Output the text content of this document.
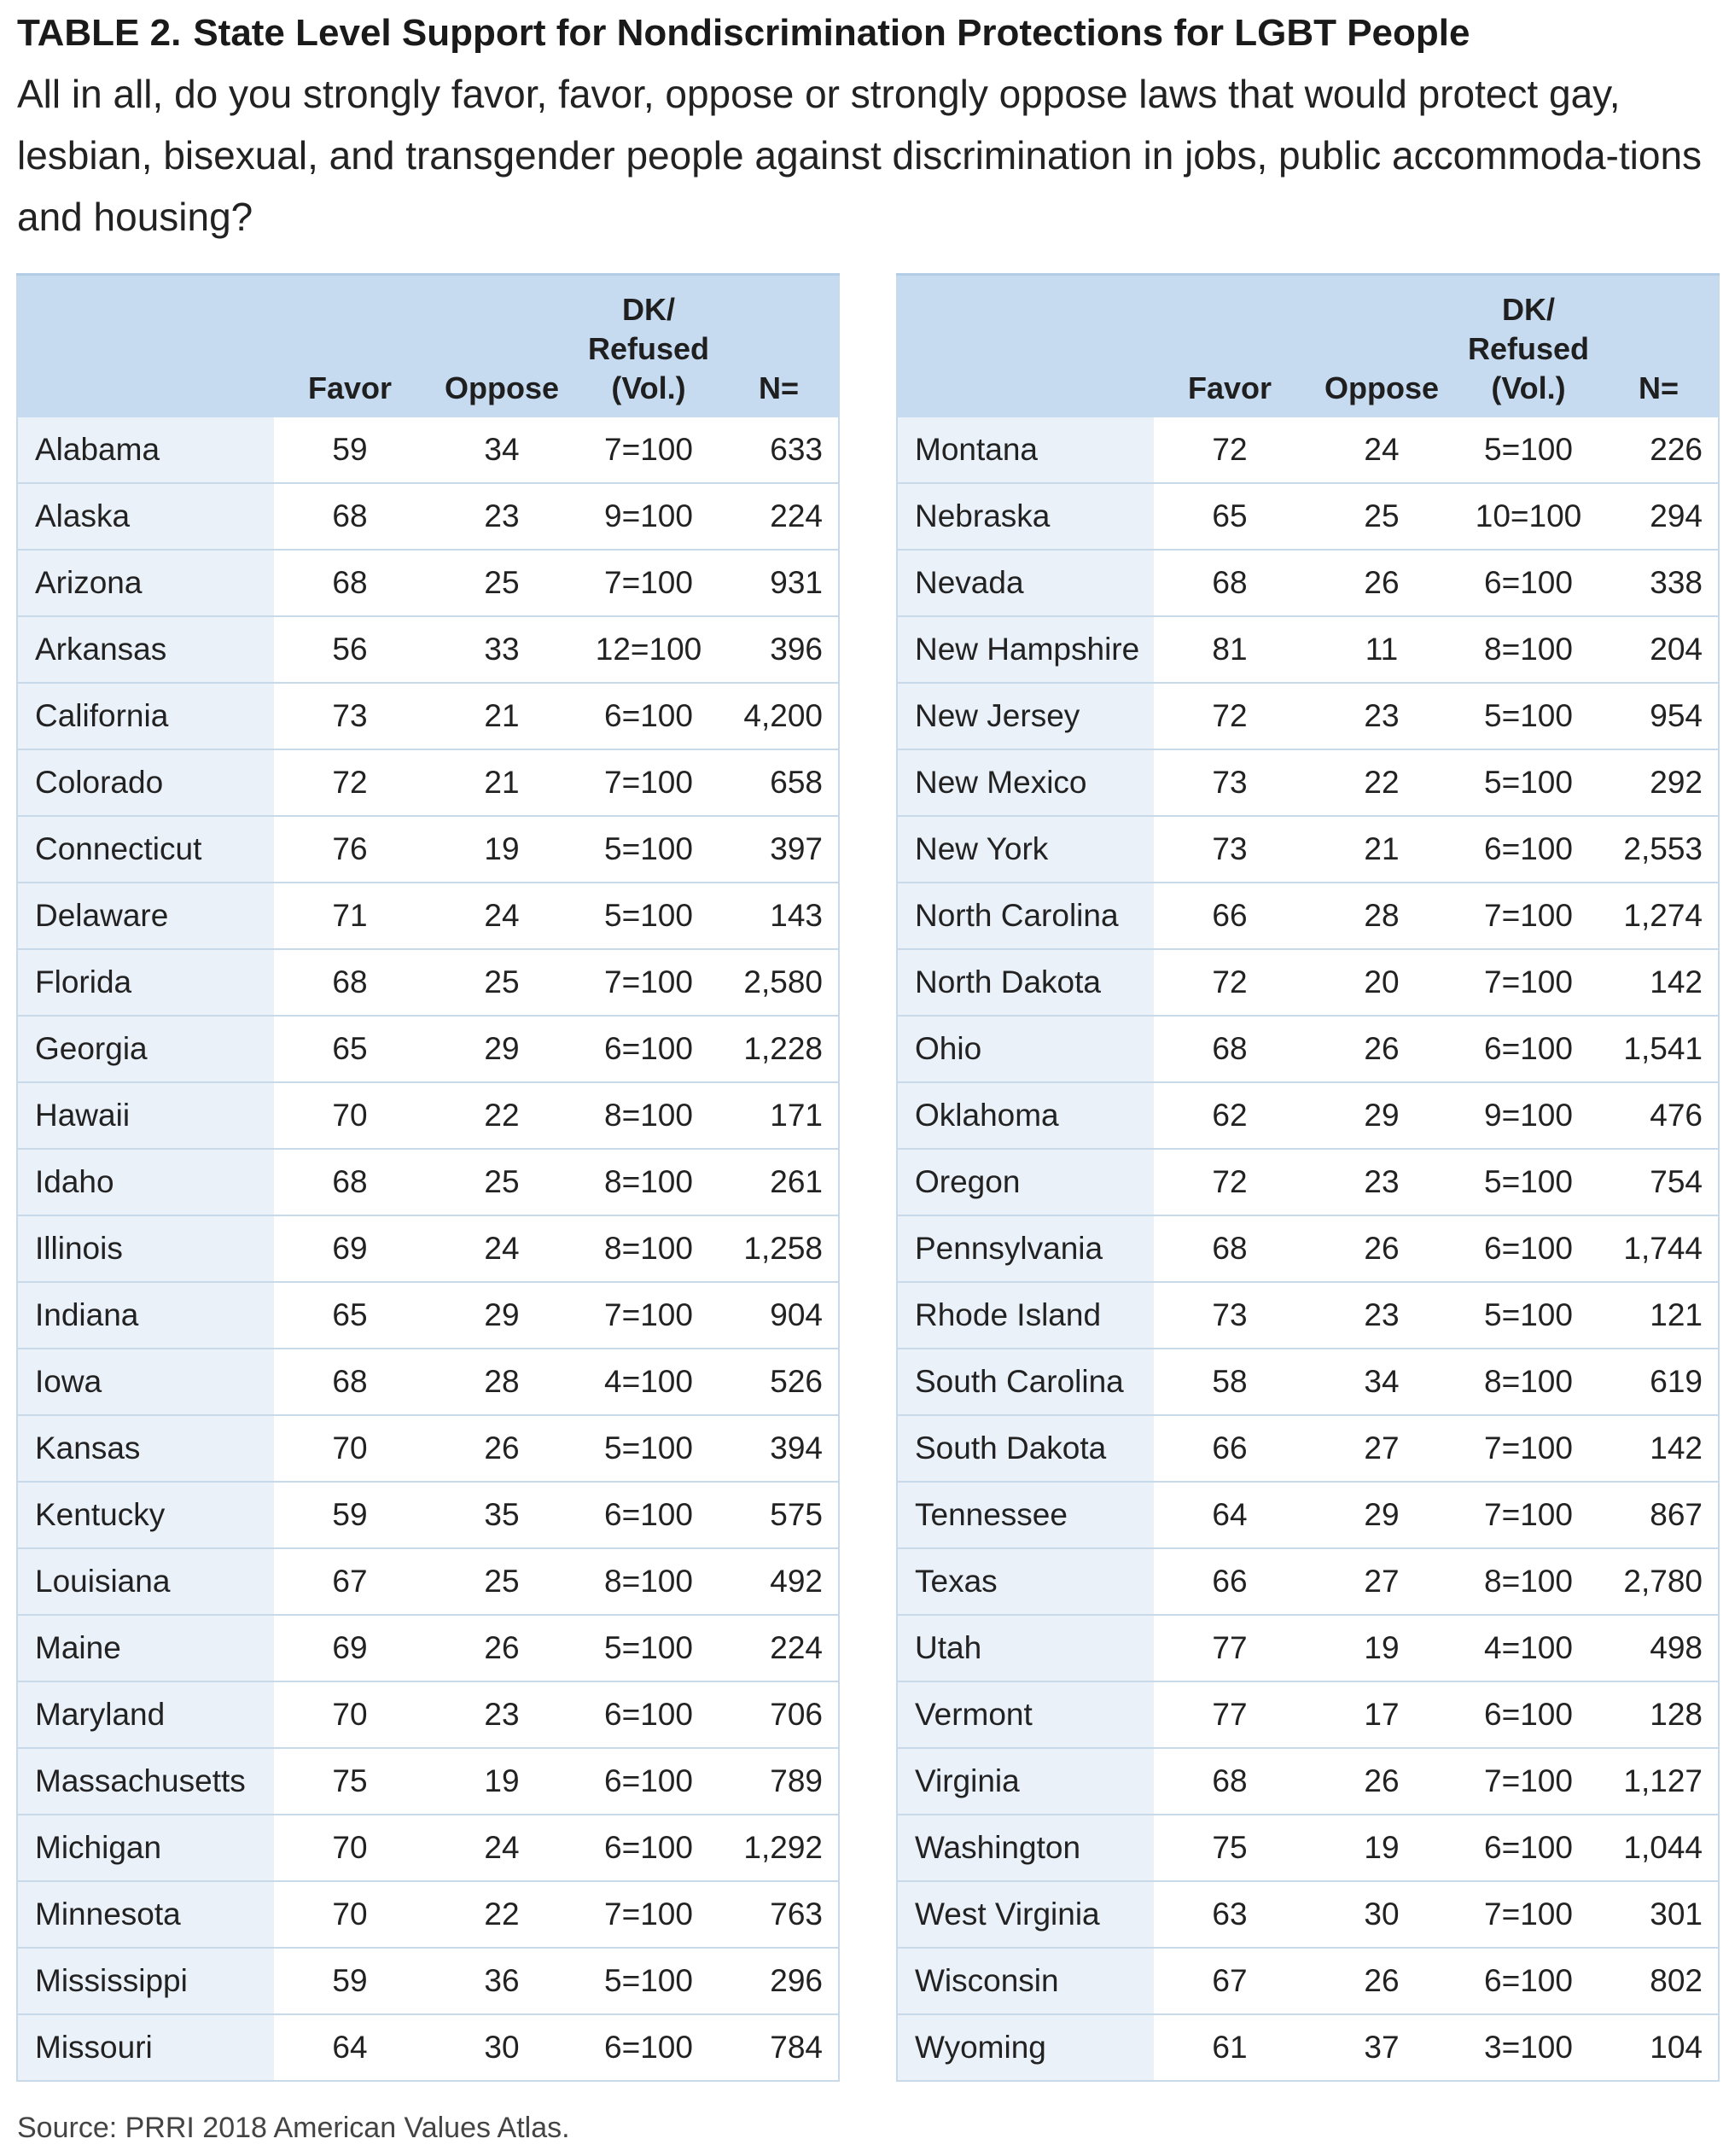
TABLE 2. State Level Support for Nondiscrimination Protections for LGBT People
All in all, do you strongly favor, favor, oppose or strongly oppose laws that would protect gay, lesbian, bisexual, and transgender people against discrimination in jobs, public accommoda-tions and housing?
	Favor	Oppose	DK/
Refused
(Vol.)	N=
Alabama	59	34	7=100	633
Alaska	68	23	9=100	224
Arizona	68	25	7=100	931
Arkansas	56	33	12=100	396
California	73	21	6=100	4,200
Colorado	72	21	7=100	658
Connecticut	76	19	5=100	397
Delaware	71	24	5=100	143
Florida	68	25	7=100	2,580
Georgia	65	29	6=100	1,228
Hawaii	70	22	8=100	171
Idaho	68	25	8=100	261
Illinois	69	24	8=100	1,258
Indiana	65	29	7=100	904
Iowa	68	28	4=100	526
Kansas	70	26	5=100	394
Kentucky	59	35	6=100	575
Louisiana	67	25	8=100	492
Maine	69	26	5=100	224
Maryland	70	23	6=100	706
Massachusetts	75	19	6=100	789
Michigan	70	24	6=100	1,292
Minnesota	70	22	7=100	763
Mississippi	59	36	5=100	296
Missouri	64	30	6=100	784
	Favor	Oppose	DK/
Refused
(Vol.)	N=
Montana	72	24	5=100	226
Nebraska	65	25	10=100	294
Nevada	68	26	6=100	338
New Hampshire	81	11	8=100	204
New Jersey	72	23	5=100	954
New Mexico	73	22	5=100	292
New York	73	21	6=100	2,553
North Carolina	66	28	7=100	1,274
North Dakota	72	20	7=100	142
Ohio	68	26	6=100	1,541
Oklahoma	62	29	9=100	476
Oregon	72	23	5=100	754
Pennsylvania	68	26	6=100	1,744
Rhode Island	73	23	5=100	121
South Carolina	58	34	8=100	619
South Dakota	66	27	7=100	142
Tennessee	64	29	7=100	867
Texas	66	27	8=100	2,780
Utah	77	19	4=100	498
Vermont	77	17	6=100	128
Virginia	68	26	7=100	1,127
Washington	75	19	6=100	1,044
West Virginia	63	30	7=100	301
Wisconsin	67	26	6=100	802
Wyoming	61	37	3=100	104
Source: PRRI 2018 American Values Atlas.
